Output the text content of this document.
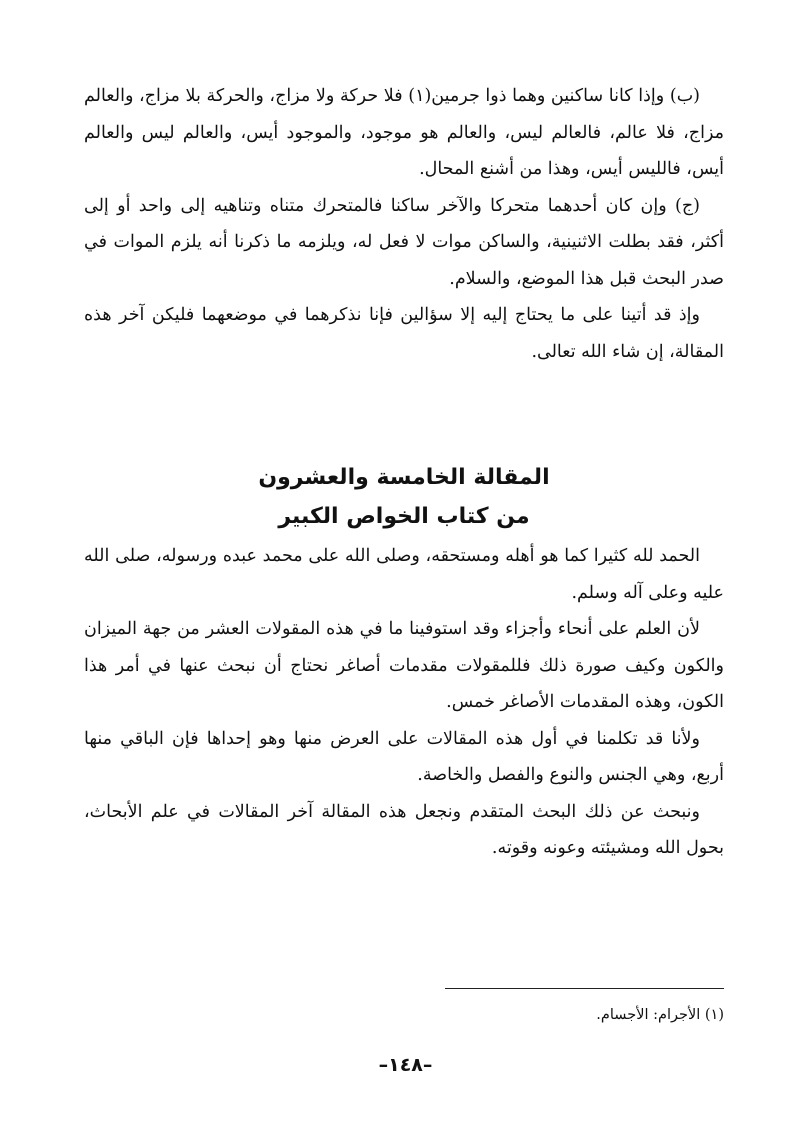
(ب) وإذا كانا ساكنين وهما ذوا جرمين(١) فلا حركة ولا مزاج، والحركة بلا مزاج، والعالم مزاج، فلا عالم، فالعالم ليس، والعالم هو موجود، والموجود أيس، والعالم ليس والعالم أيس، فالليس أيس، وهذا من أشنع المحال.

(ج) وإن كان أحدهما متحركا والآخر ساكنا فالمتحرك متناه وتناهيه إلى واحد أو إلى أكثر، فقد بطلت الاثنينية، والساكن موات لا فعل له، ويلزمه ما ذكرنا أنه يلزم الموات في صدر البحث قبل هذا الموضع، والسلام.

وإذ قد أتينا على ما يحتاج إليه إلا سؤالين فإنا نذكرهما في موضعهما فليكن آخر هذه المقالة، إن شاء الله تعالى.

المقالة الخامسة والعشرون
من كتاب الخواص الكبير

الحمد لله كثيرا كما هو أهله ومستحقه، وصلى الله على محمد عبده ورسوله، صلى الله عليه وعلى آله وسلم.

لأن العلم على أنحاء وأجزاء وقد استوفينا ما في هذه المقولات العشر من جهة الميزان والكون وكيف صورة ذلك فللمقولات مقدمات أصاغر نحتاج أن نبحث عنها في أمر هذا الكون، وهذه المقدمات الأصاغر خمس.

ولأنا قد تكلمنا في أول هذه المقالات على العرض منها وهو إحداها فإن الباقي منها أربع، وهي الجنس والنوع والفصل والخاصة.

ونبحث عن ذلك البحث المتقدم ونجعل هذه المقالة آخر المقالات في علم الأبحاث، بحول الله ومشيئته وعونه وقوته.

(١) الأجرام: الأجسام.
–١٤٨–
